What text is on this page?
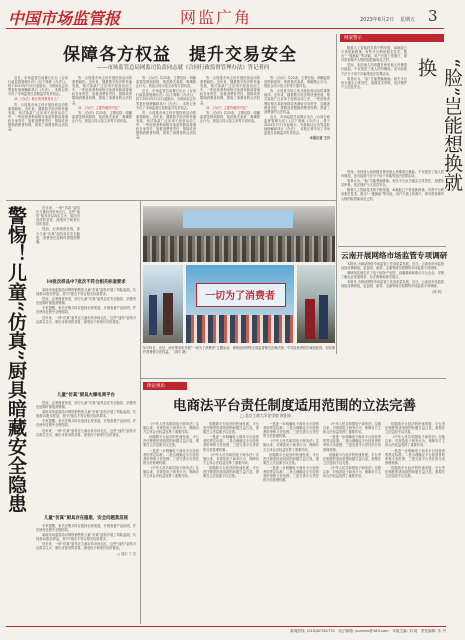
中国市场监管报	网监广角	2023年6月2日 星期五 3
保障各方权益　提升交易安全
——市场监管总局网监司负责同志就《合同行政监督管理办法》答记者问

近日，市场监管总局修订出台《合同行政监督管理办法》(以下简称《办法》)，将于2023年7月1日起施行。为帮助社会各界更好地理解和执行《办法》，本报记者专访了市场监管总局网监司负责同志。

问：《办法》修订的背景是什么？

答：合同是市场主体开展经营活动的重要载体。近年来，随着数字经济的快速发展，格式条款广泛应用于经营活动之中，一些经营者利用格式条款免除或者减轻自身责任、加重消费者责任、排除或者限制消费者权利，损害了消费者的合法权益。

答：合同是市场主体开展经营活动的重要载体。近年来，随着数字经济的快速发展，格式条款广泛应用于经营活动之中，一些经营者利用格式条款免除或者减轻自身责任、加重消费者责任、排除或者限制消费者权利，损害了消费者的合法权益。

问：《办法》主要有哪些内容？

答：《办法》共22条，主要包括：明确监管范围和原则、规范格式条款、明确禁止行为、规范合同示范文本等方面内容。

答：《办法》共22条，主要包括：明确监管范围和原则、规范格式条款、明确禁止行为、规范合同示范文本等方面内容。

近日，市场监管总局修订出台《合同行政监督管理办法》(以下简称《办法》)，将于2023年7月1日起施行。为帮助社会各界更好地理解和执行《办法》，本报记者专访了市场监管总局网监司负责同志。

答：合同是市场主体开展经营活动的重要载体。近年来，随着数字经济的快速发展，格式条款广泛应用于经营活动之中，一些经营者利用格式条款免除或者减轻自身责任、加重消费者责任、排除或者限制消费者权利，损害了消费者的合法权益。

答：合同是市场主体开展经营活动的重要载体。近年来，随着数字经济的快速发展，格式条款广泛应用于经营活动之中，一些经营者利用格式条款免除或者减轻自身责任、加重消费者责任、排除或者限制消费者权利，损害了消费者的合法权益。

问：《办法》主要有哪些内容？

答：《办法》共22条，主要包括：明确监管范围和原则、规范格式条款、明确禁止行为、规范合同示范文本等方面内容。

答：《办法》共22条，主要包括：明确监管范围和原则、规范格式条款、明确禁止行为、规范合同示范文本等方面内容。

答：合同是市场主体开展经营活动的重要载体。近年来，随着数字经济的快速发展，格式条款广泛应用于经营活动之中，一些经营者利用格式条款免除或者减轻自身责任、加重消费者责任、排除或者限制消费者权利，损害了消费者的合法权益。

近日，市场监管总局修订出台《合同行政监督管理办法》(以下简称《办法》)，将于2023年7月1日起施行。为帮助社会各界更好地理解和执行《办法》，本报记者专访了市场监管总局网监司负责同志。

本报记者 王丹
网案警示

随着人工智能技术的不断发展，AI换脸已不再是新鲜事。有些平台利用相关技术，推出“一键换脸”等功能，用户只需上传照片，即可将视频中人物的脸替换成自己的。

然而，未经他人同意擅自使用他人肖像进行换脸，不仅侵犯了他人的肖像权，还可能被不法分子用于诈骗等违法犯罪活动。

笔者认为，“脸”岂能想换就换。相关平台应当落实主体责任，加强技术审核，依法保护个人信息安全。	“脸”岂能想换就换

然而，未经他人同意擅自使用他人肖像进行换脸，不仅侵犯了他人的肖像权，还可能被不法分子用于诈骗等违法犯罪活动。

笔者认为，“脸”岂能想换就换。相关平台应当落实主体责任，加强技术审核，依法保护个人信息安全。

随着人工智能技术的不断发展，AI换脸已不再是新鲜事。有些平台利用相关技术，推出“一键换脸”等功能，用户只需上传照片，即可将视频中人物的脸替换成自己的。

云南开展网络市场监管专项调研

本报讯 为推动网络市场监管工作高质量发展，近日，云南省市场监管局组成调研组，赴昆明、曲靖、玉溪等地开展网络市场监管专项调研。

调研组实地走访了电子商务产业园、直播基地和重点平台企业，详细了解企业发展现状、存在困难和意见建议。

本报讯 为推动网络市场监管工作高质量发展，近日，云南省市场监管局组成调研组，赴昆明、曲靖、玉溪等地开展网络市场监管专项调研。

（段 明）
警惕！儿童“仿真”厨具暗藏安全隐患	近年来，一种“仿真”厨具在儿童玩具市场走红，这些“迷你”厨具可以真实生火，做出可食用的菜肴，深受孩子和家长们的喜爱。

然而，记者调查发现，部分儿童“仿真”厨具存在安全隐患，消费者在选购时需提高警惕。

10批次样品中7批次不符合相关标准要求

某地市场监管局对网络销售的儿童“仿真”厨具开展了风险监测，共抽查10批次样品，其中7批次不符合相关标准要求。

然而，记者调查发现，部分儿童“仿真”厨具存在安全隐患，消费者在选购时需提高警惕。

专家提醒，家长在购买时应选择正规渠道，仔细查看产品说明，并在使用过程中全程陪同。

近年来，一种“仿真”厨具在儿童玩具市场走红，这些“迷你”厨具可以真实生火，做出可食用的菜肴，深受孩子和家长们的喜爱。

儿童“仿真”厨具火爆电商平台

然而，记者调查发现，部分儿童“仿真”厨具存在安全隐患，消费者在选购时需提高警惕。

某地市场监管局对网络销售的儿童“仿真”厨具开展了风险监测，共抽查10批次样品，其中7批次不符合相关标准要求。

专家提醒，家长在购买时应选择正规渠道，仔细查看产品说明，并在使用过程中全程陪同。

近年来，一种“仿真”厨具在儿童玩具市场走红，这些“迷你”厨具可以真实生火，做出可食用的菜肴，深受孩子和家长们的喜爱。

儿童“仿真”厨具存在隐患，安全问题莫忽视

专家提醒，家长在购买时应选择正规渠道，仔细查看产品说明，并在使用过程中全程陪同。

某地市场监管局对网络销售的儿童“仿真”厨具开展了风险监测，共抽查10批次样品，其中7批次不符合相关标准要求。

近年来，一种“仿真”厨具在儿童玩具市场走红，这些“迷你”厨具可以真实生火，做出可食用的菜肴，深受孩子和家长们的喜爱。

□ 钱宇 丁 杰
一切为了消费者
5月25日，北京、河北等省市开展“一切为了消费者”主题活动，现场宣传网络交易监管相关法律法规，引导经营者依法诚信经营，切实保护消费者合法权益。（刘宇 摄）
律论视角
电商法平台责任制度适用范围的立法完善
□ 北京工商大学法学院 欧阳东

《中华人民共和国电子商务法》实施以来，对规范电子商务行为、保障各方主体合法权益发挥了重要作用。

但随着平台经济的快速发展，平台责任制度的适用范围问题日益凸显，需要在立法层面予以完善。

一是进一步明确电子商务平台经营者的界定标准；二是合理确定平台经营者的审核义务范围；三是完善平台责任的分类管理机制。

《中华人民共和国电子商务法》实施以来，对规范电子商务行为、保障各方主体合法权益发挥了重要作用。

但随着平台经济的快速发展，平台责任制度的适用范围问题日益凸显，需要在立法层面予以完善。

一是进一步明确电子商务平台经营者的界定标准；二是合理确定平台经营者的审核义务范围；三是完善平台责任的分类管理机制。

《中华人民共和国电子商务法》实施以来，对规范电子商务行为、保障各方主体合法权益发挥了重要作用。

但随着平台经济的快速发展，平台责任制度的适用范围问题日益凸显，需要在立法层面予以完善。

一是进一步明确电子商务平台经营者的界定标准；二是合理确定平台经营者的审核义务范围；三是完善平台责任的分类管理机制。

《中华人民共和国电子商务法》实施以来，对规范电子商务行为、保障各方主体合法权益发挥了重要作用。

但随着平台经济的快速发展，平台责任制度的适用范围问题日益凸显，需要在立法层面予以完善。

一是进一步明确电子商务平台经营者的界定标准；二是合理确定平台经营者的审核义务范围；三是完善平台责任的分类管理机制。

《中华人民共和国电子商务法》实施以来，对规范电子商务行为、保障各方主体合法权益发挥了重要作用。

一是进一步明确电子商务平台经营者的界定标准；二是合理确定平台经营者的审核义务范围；三是完善平台责任的分类管理机制。

但随着平台经济的快速发展，平台责任制度的适用范围问题日益凸显，需要在立法层面予以完善。

《中华人民共和国电子商务法》实施以来，对规范电子商务行为、保障各方主体合法权益发挥了重要作用。

但随着平台经济的快速发展，平台责任制度的适用范围问题日益凸显，需要在立法层面予以完善。

《中华人民共和国电子商务法》实施以来，对规范电子商务行为、保障各方主体合法权益发挥了重要作用。

一是进一步明确电子商务平台经营者的界定标准；二是合理确定平台经营者的审核义务范围；三是完善平台责任的分类管理机制。

但随着平台经济的快速发展，平台责任制度的适用范围问题日益凸显，需要在立法层面予以完善。

新闻热线: (010)82762770　电子邮箱: yuanxiu@163.com　本版主编: 刘 莉　责任编辑: 朱 丹
